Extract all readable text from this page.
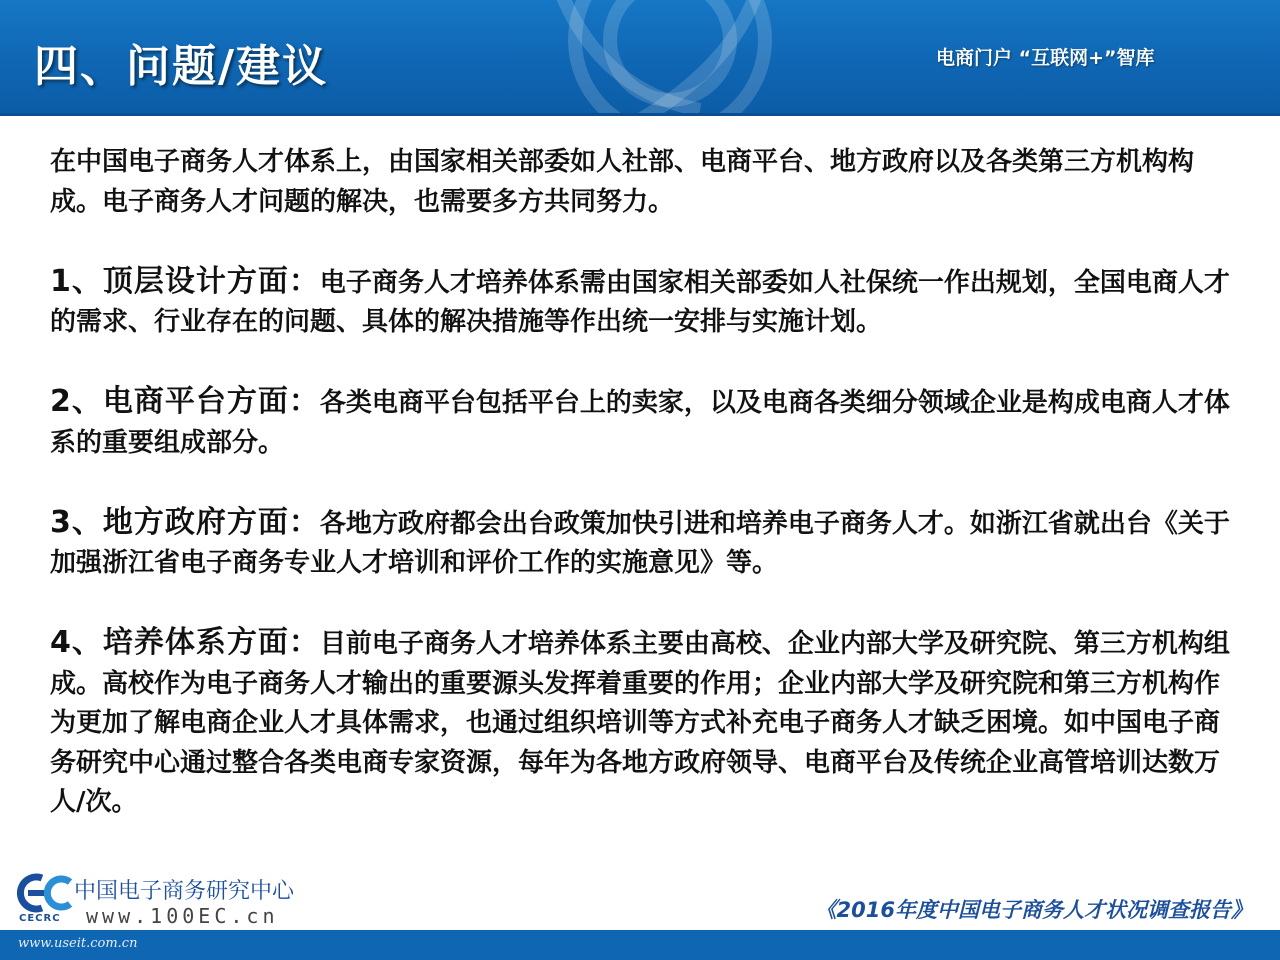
四、问题/建议	电商门户 “互联网+”智库

在中国电子商务人才体系上，由国家相关部委如人社部、电商平台、地方政府以及各类第三方机构构成。电子商务人才问题的解决，也需要多方共同努力。

1、顶层设计方面：电子商务人才培养体系需由国家相关部委如人社保统一作出规划，全国电商人才的需求、行业存在的问题、具体的解决措施等作出统一安排与实施计划。

2、电商平台方面：各类电商平台包括平台上的卖家，以及电商各类细分领域企业是构成电商人才体系的重要组成部分。

3、地方政府方面：各地方政府都会出台政策加快引进和培养电子商务人才。如浙江省就出台《关于加强浙江省电子商务专业人才培训和评价工作的实施意见》等。

4、培养体系方面：目前电子商务人才培养体系主要由高校、企业内部大学及研究院、第三方机构组成。高校作为电子商务人才输出的重要源头发挥着重要的作用；企业内部大学及研究院和第三方机构作为更加了解电商企业人才具体需求，也通过组织培训等方式补充电子商务人才缺乏困境。如中国电子商务研究中心通过整合各类电商专家资源，每年为各地方政府领导、电商平台及传统企业高管培训达数万人/次。

CECRC
中国电子商务研究中心
www.100EC.cn	《2016年度中国电子商务人才状况调查报告》
www.useit.com.cn
